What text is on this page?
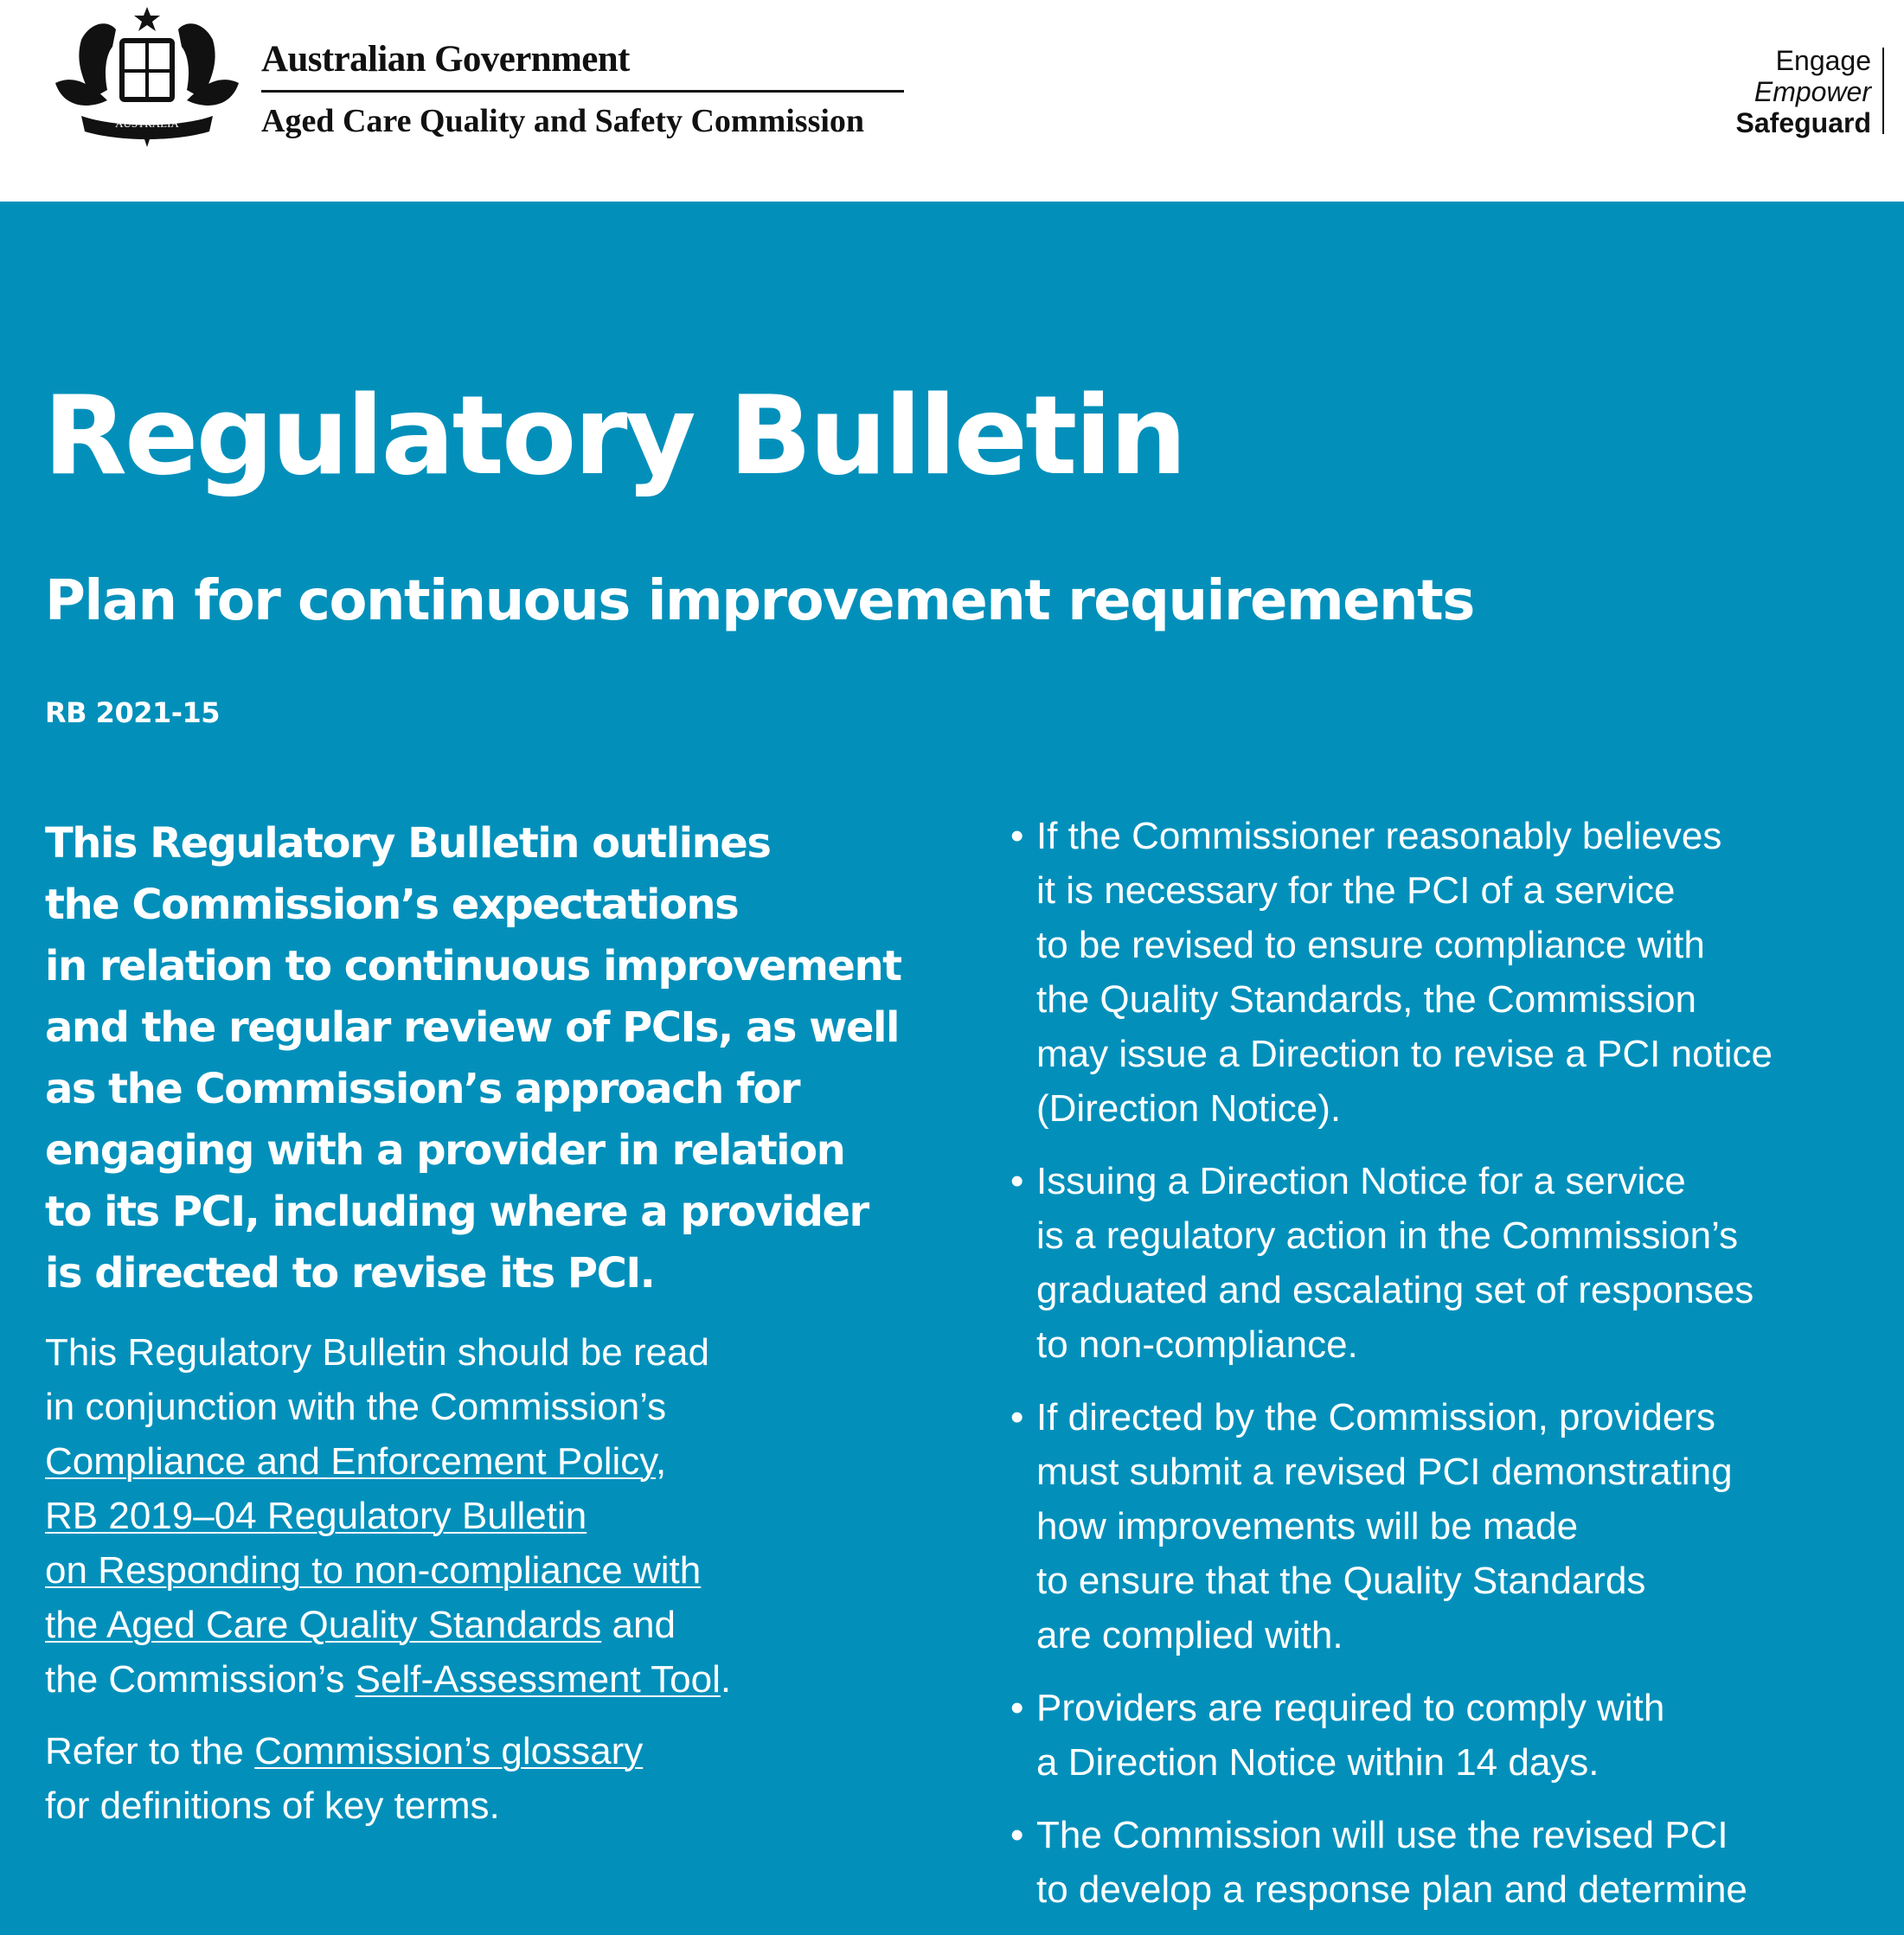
AUSTRALIA
Australian Government
Aged Care Quality and Safety Commission
Engage
Empower
Safeguard
Regulatory Bulletin
Plan for continuous improvement requirements
RB 2021-15
This Regulatory Bulletin outlines
the Commission’s expectations
in relation to continuous improvement
and the regular review of PCIs, as well
as the Commission’s approach for
engaging with a provider in relation
to its PCI, including where a provider
is directed to revise its PCI.
This Regulatory Bulletin should be read
in conjunction with the Commission’s
Compliance and Enforcement Policy,
RB 2019–04 Regulatory Bulletin
on Responding to non-compliance with
the Aged Care Quality Standards and
the Commission’s Self-Assessment Tool.
Refer to the Commission’s glossary
for definitions of key terms.
• If the Commissioner reasonably believes
it is necessary for the PCI of a service
to be revised to ensure compliance with
the Quality Standards, the Commission
may issue a Direction to revise a PCI notice
(Direction Notice).
• Issuing a Direction Notice for a service
is a regulatory action in the Commission’s
graduated and escalating set of responses
to non-compliance.
• If directed by the Commission, providers
must submit a revised PCI demonstrating
how improvements will be made
to ensure that the Quality Standards
are complied with.
• Providers are required to comply with
a Direction Notice within 14 days.
• The Commission will use the revised PCI
to develop a response plan and determine
